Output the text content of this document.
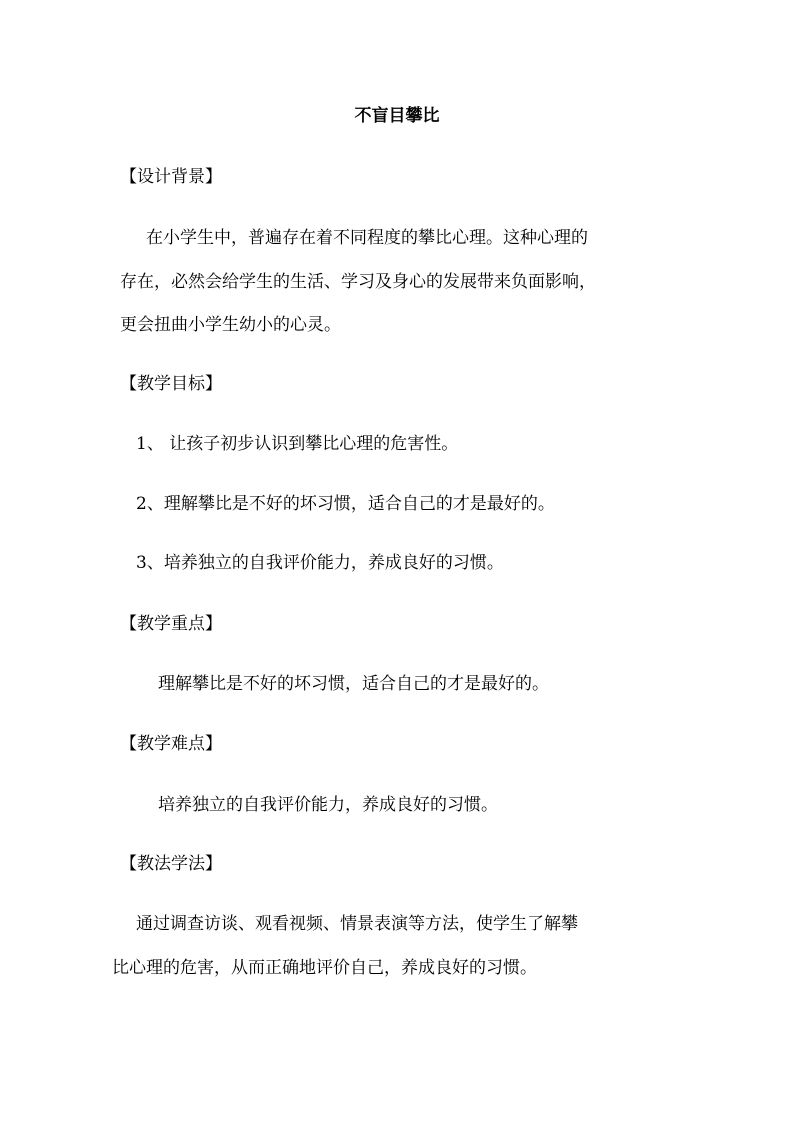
不盲目攀比
【设计背景】
在小学生中，普遍存在着不同程度的攀比心理。这种心理的
存在，必然会给学生的生活、学习及身心的发展带来负面影响，
更会扭曲小学生幼小的心灵。
【教学目标】
1、 让孩子初步认识到攀比心理的危害性。
2、理解攀比是不好的坏习惯，适合自己的才是最好的。
3、培养独立的自我评价能力，养成良好的习惯。
【教学重点】
理解攀比是不好的坏习惯，适合自己的才是最好的。
【教学难点】
培养独立的自我评价能力，养成良好的习惯。
【教法学法】
通过调查访谈、观看视频、情景表演等方法，使学生了解攀
比心理的危害，从而正确地评价自己，养成良好的习惯。
